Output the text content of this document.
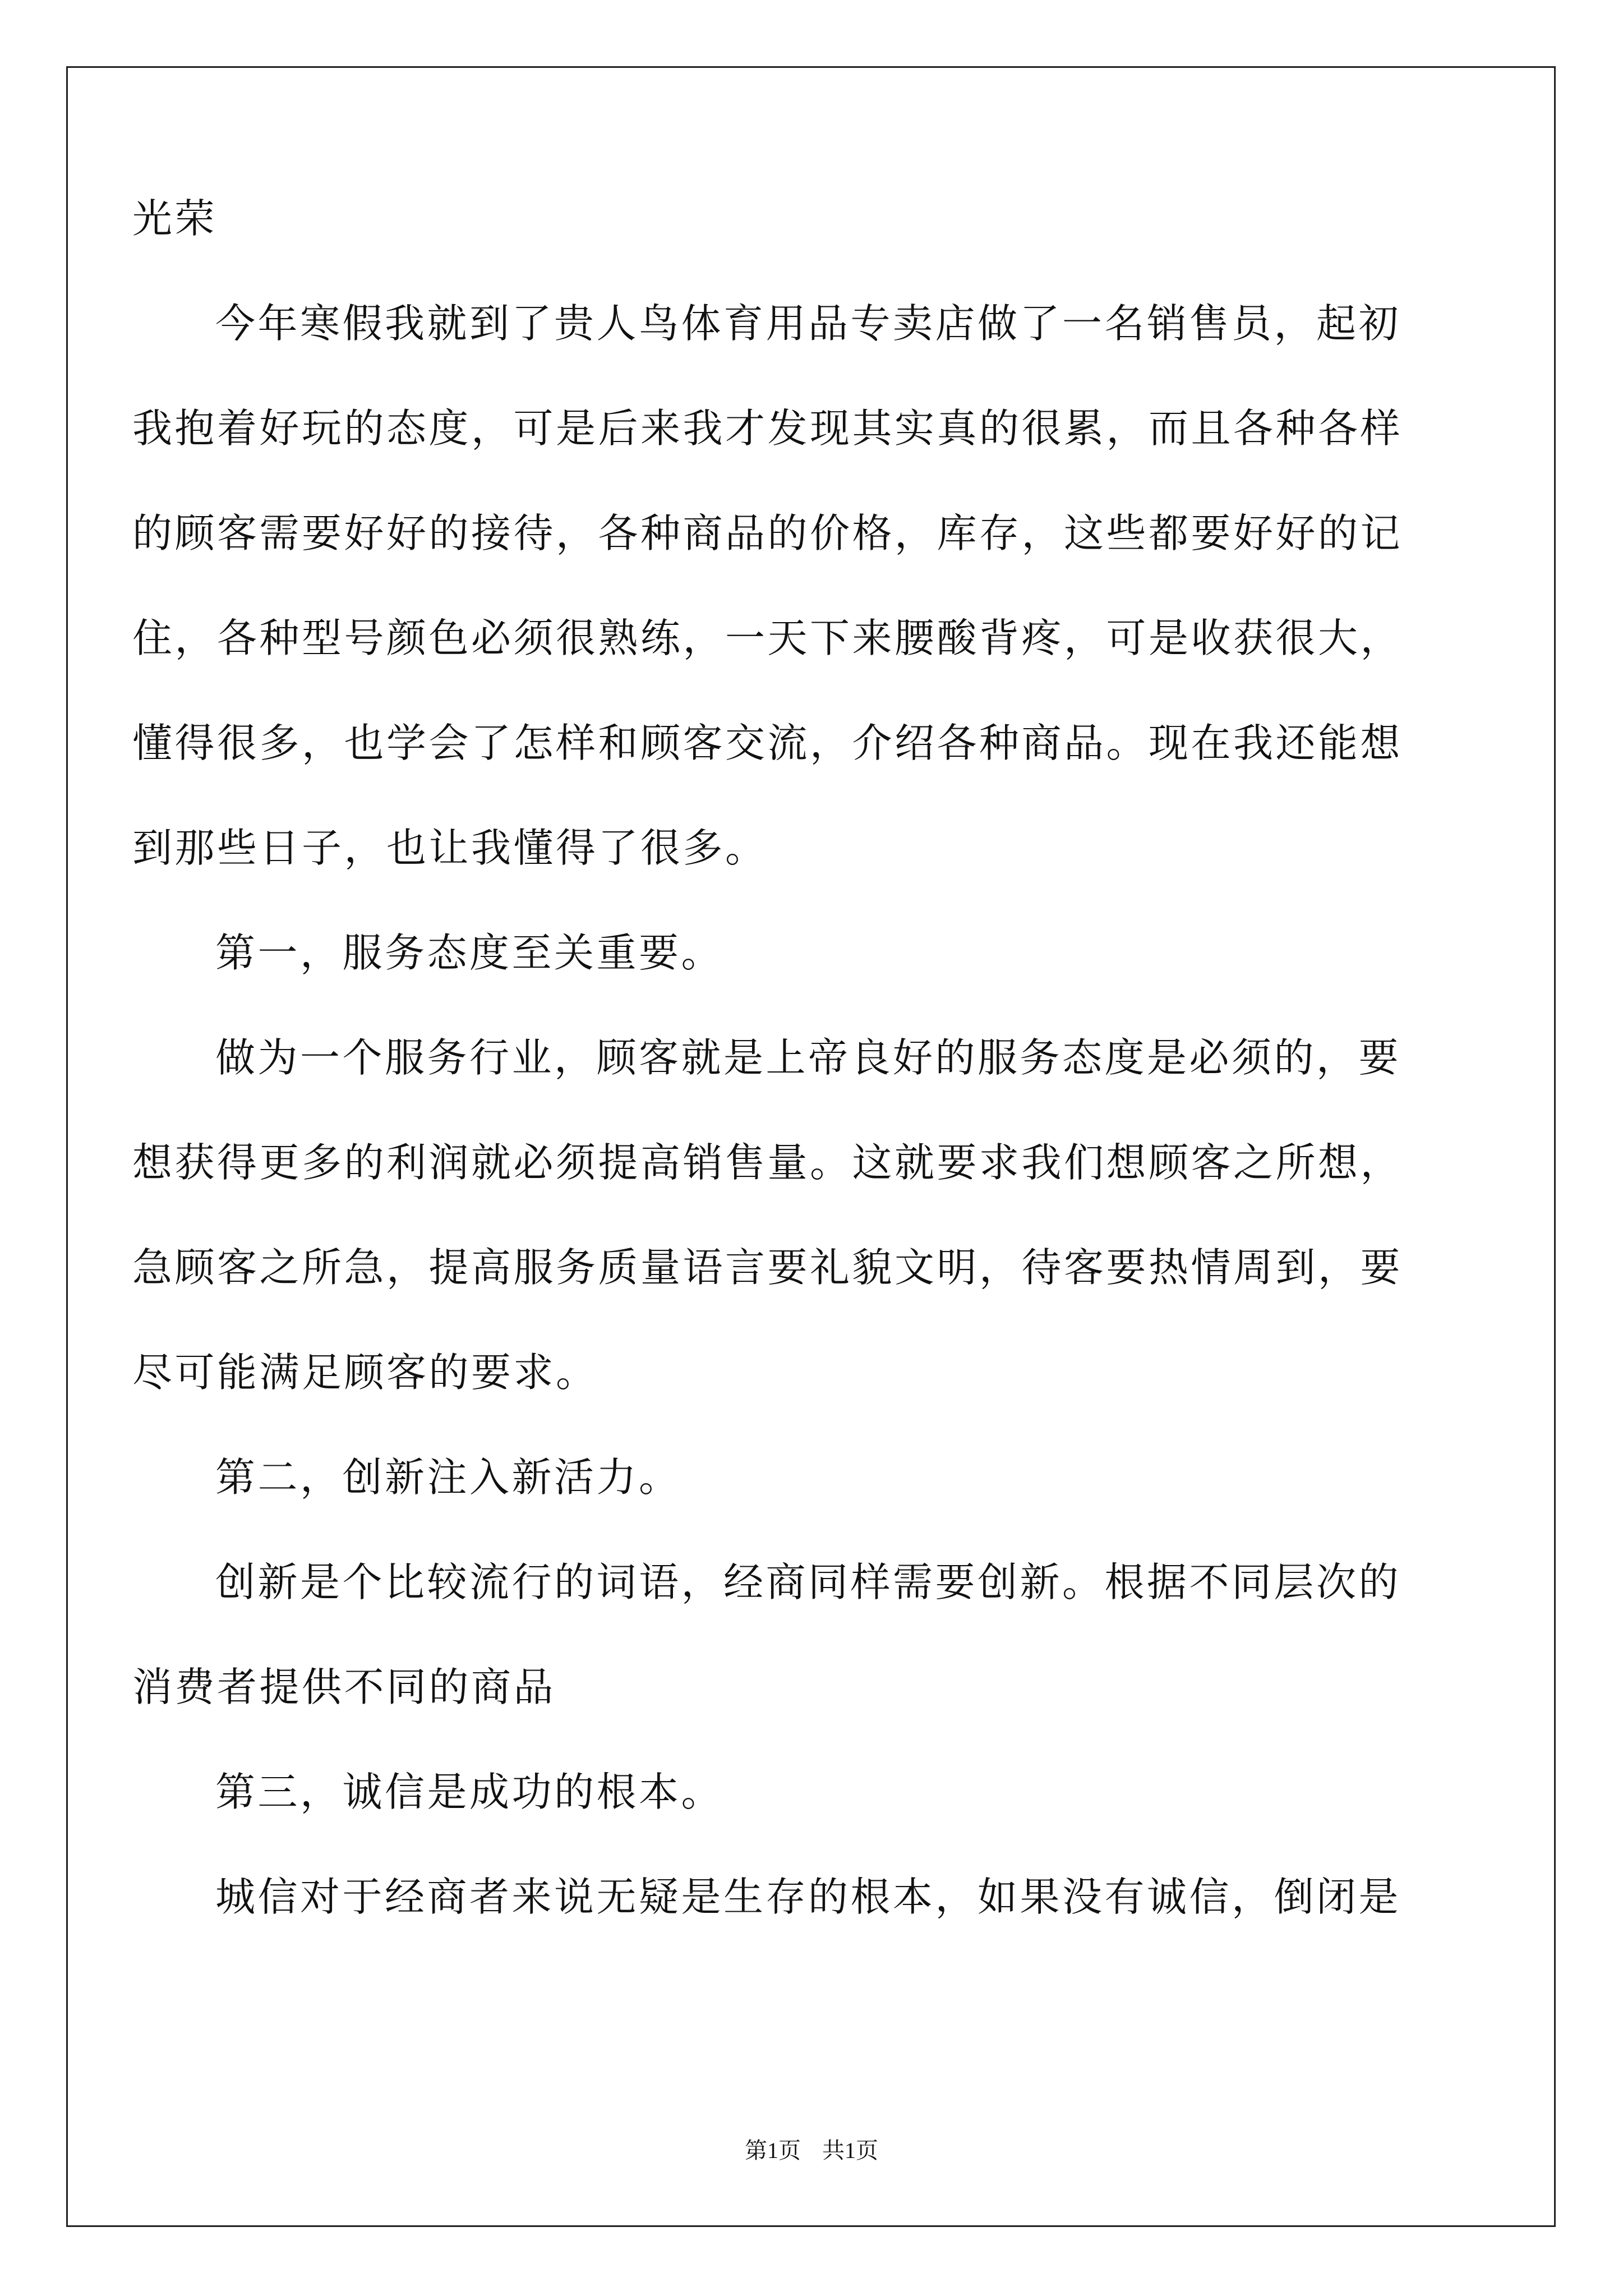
光荣
今年寒假我就到了贵人鸟体育用品专卖店做了一名销售员，起初
我抱着好玩的态度，可是后来我才发现其实真的很累，而且各种各样
的顾客需要好好的接待，各种商品的价格，库存，这些都要好好的记
住，各种型号颜色必须很熟练，一天下来腰酸背疼，可是收获很大，
懂得很多，也学会了怎样和顾客交流，介绍各种商品。现在我还能想
到那些日子，也让我懂得了很多。
第一，服务态度至关重要。
做为一个服务行业，顾客就是上帝良好的服务态度是必须的，要
想获得更多的利润就必须提高销售量。这就要求我们想顾客之所想，
急顾客之所急，提高服务质量语言要礼貌文明，待客要热情周到，要
尽可能满足顾客的要求。
第二，创新注入新活力。
创新是个比较流行的词语，经商同样需要创新。根据不同层次的
消费者提供不同的商品
第三，诚信是成功的根本。
城信对于经商者来说无疑是生存的根本，如果没有诚信，倒闭是
第1页 共1页
